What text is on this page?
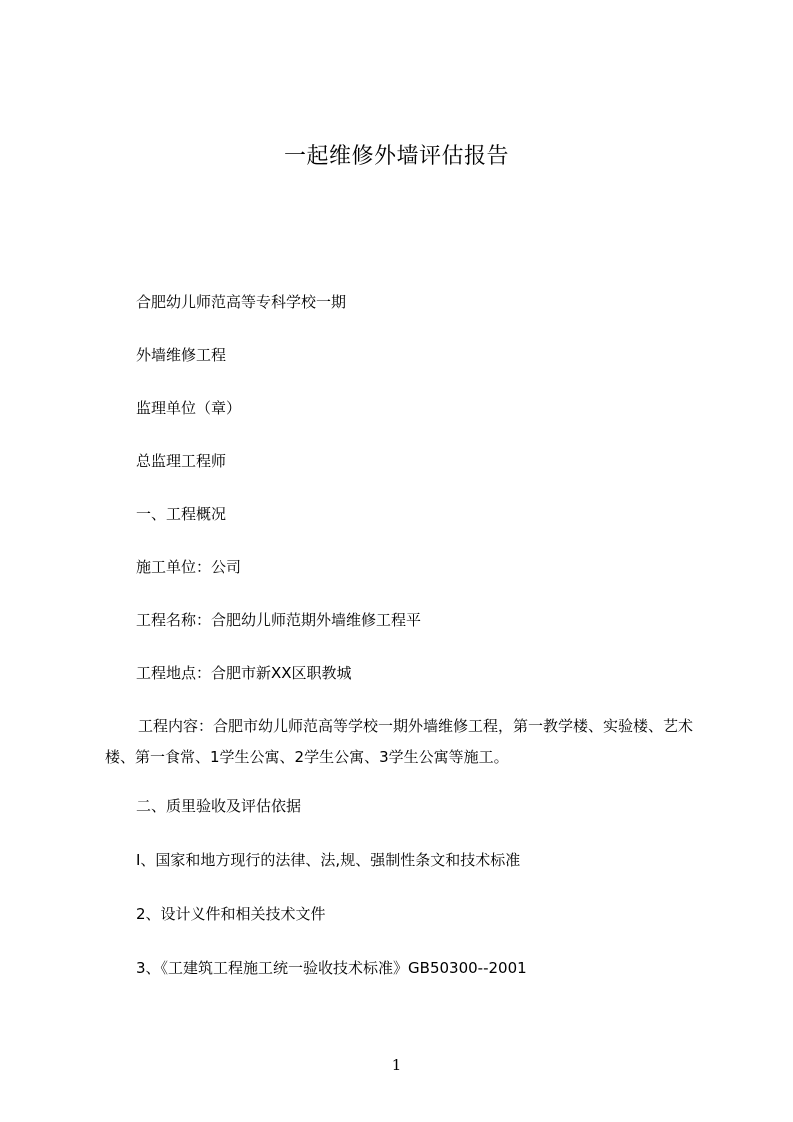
一起维修外墙评估报告

合肥幼儿师范高等专科学校一期

外墙维修工程

监理单位（章）

总监理工程师

一、工程概况

施工单位：公司

工程名称：合肥幼儿师范期外墙维修工程平

工程地点：合肥市新XX区职教城

工程内容：合肥市幼儿师范高等学校一期外墙维修工程，第一教学楼、实验楼、艺术楼、第一食常、1学生公寓、2学生公寓、3学生公寓等施工。

二、质里验收及评估依据

I、国家和地方现行的法律、法,规、强制性条文和技术标准

2、设计义件和相关技术文件

3、《工建筑工程施工统一验收技术标准》GB50300--2001

1
